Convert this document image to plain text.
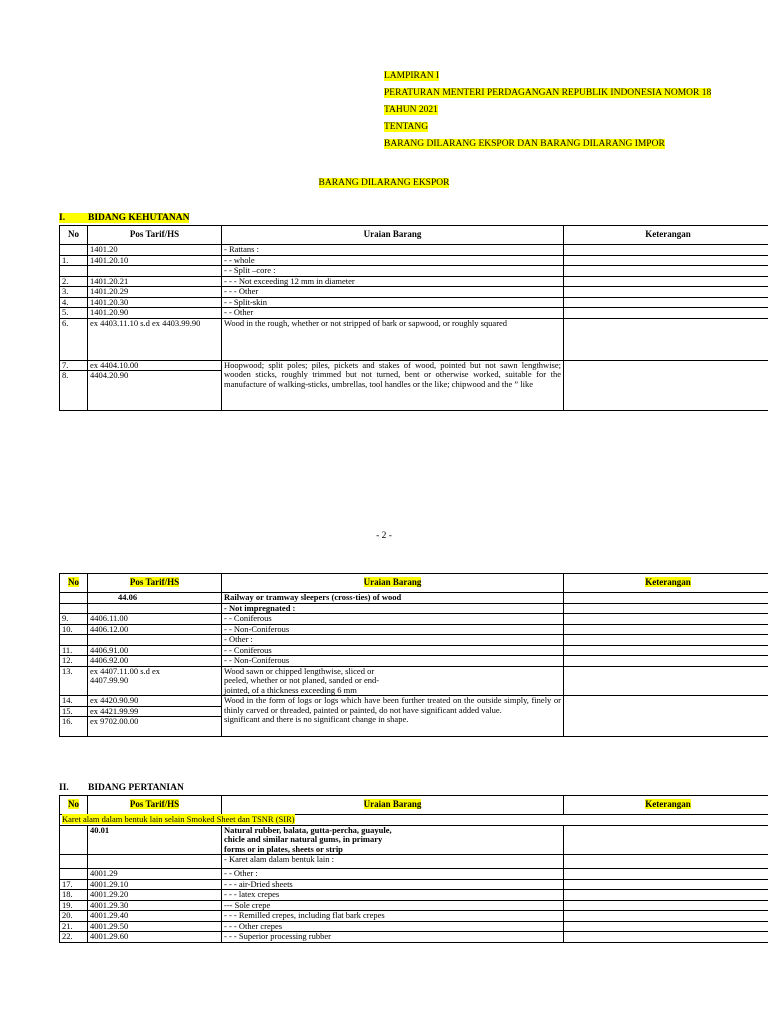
LAMPIRAN I
PERATURAN MENTERI PERDAGANGAN REPUBLIK INDONESIA NOMOR 18
TAHUN 2021
TENTANG
BARANG DILARANG EKSPOR DAN BARANG DILARANG IMPOR
BARANG DILARANG EKSPOR
I. BIDANG KEHUTANAN
No	Pos Tarif/HS	Uraian Barang	Keterangan
	1401.20	- Rattans :	
1.	1401.20.10	- - whole	
		- - Split –core :	
2.	1401.20.21	- - - Not exceeding 12 mm in diameter	
3.	1401.20.29	- - - Other	
4.	1401.20.30	- - Split-skin	
5.	1401.20.90	- - Other	
6.	ex 4403.11.10 s.d ex 4403.99.90	Wood in the rough, whether or not stripped of bark or sapwood, or roughly squared	
7.	ex 4404.10.00	Hoopwood; split poles; piles, pickets and stakes of wood, pointed but not sawn lengthwise; wooden sticks, roughly trimmed but not turned, bent or otherwise worked, suitable for the manufacture of walking-sticks, umbrellas, tool handles or the like; chipwood and the ” like	
8.	4404.20.90		
- 2 -
No	Pos Tarif/HS	Uraian Barang	Keterangan
	44.06	Railway or tramway sleepers (cross-ties) of wood	
		- Not impregnated :	
9.	4406.11.00	- - Coniferous	
10.	4406.12.00	- - Non-Coniferous	
		- Other :	
11.	4406.91.00	- - Coniferous	
12.	4406.92.00	- - Non-Coniferous	
13.	ex 4407.11.00 s.d ex 4407.99.90	Wood sawn or chipped lengthwise, sliced or peeled, whether or not planed, sanded or end-jointed, of a thickness exceeding 6 mm	
14.	ex 4420.90.90	Wood in the form of logs or logs which have been further treated on the outside simply, finely or thinly carved or threaded, painted or painted, do not have significant added value.
significant and there is no significant change in shape.	
15.	ex 4421.99.99		
16.	ex 9702.00.00		
II. BIDANG PERTANIAN
No	Pos Tarif/HS	Uraian Barang	Keterangan
Karet alam dalam bentuk lain selain Smoked Sheet dan TSNR (SIR)			
	40.01	Natural rubber, balata, gutta-percha, guayule, chicle and similar natural gums, in primary forms or in plates, sheets or strip	
		- Karet alam dalam bentuk lain :	
	4001.29	- - Other :	
17.	4001.29.10	- - - air-Dried sheets	
18.	4001.29.20	- - - latex crepes	
19.	4001.29.30	--- Sole crepe	
20.	4001.29.40	- - - Remilled crepes, including flat bark crepes	
21.	4001.29.50	- - - Other crepes	
22.	4001.29.60	- - - Superior processing rubber	
